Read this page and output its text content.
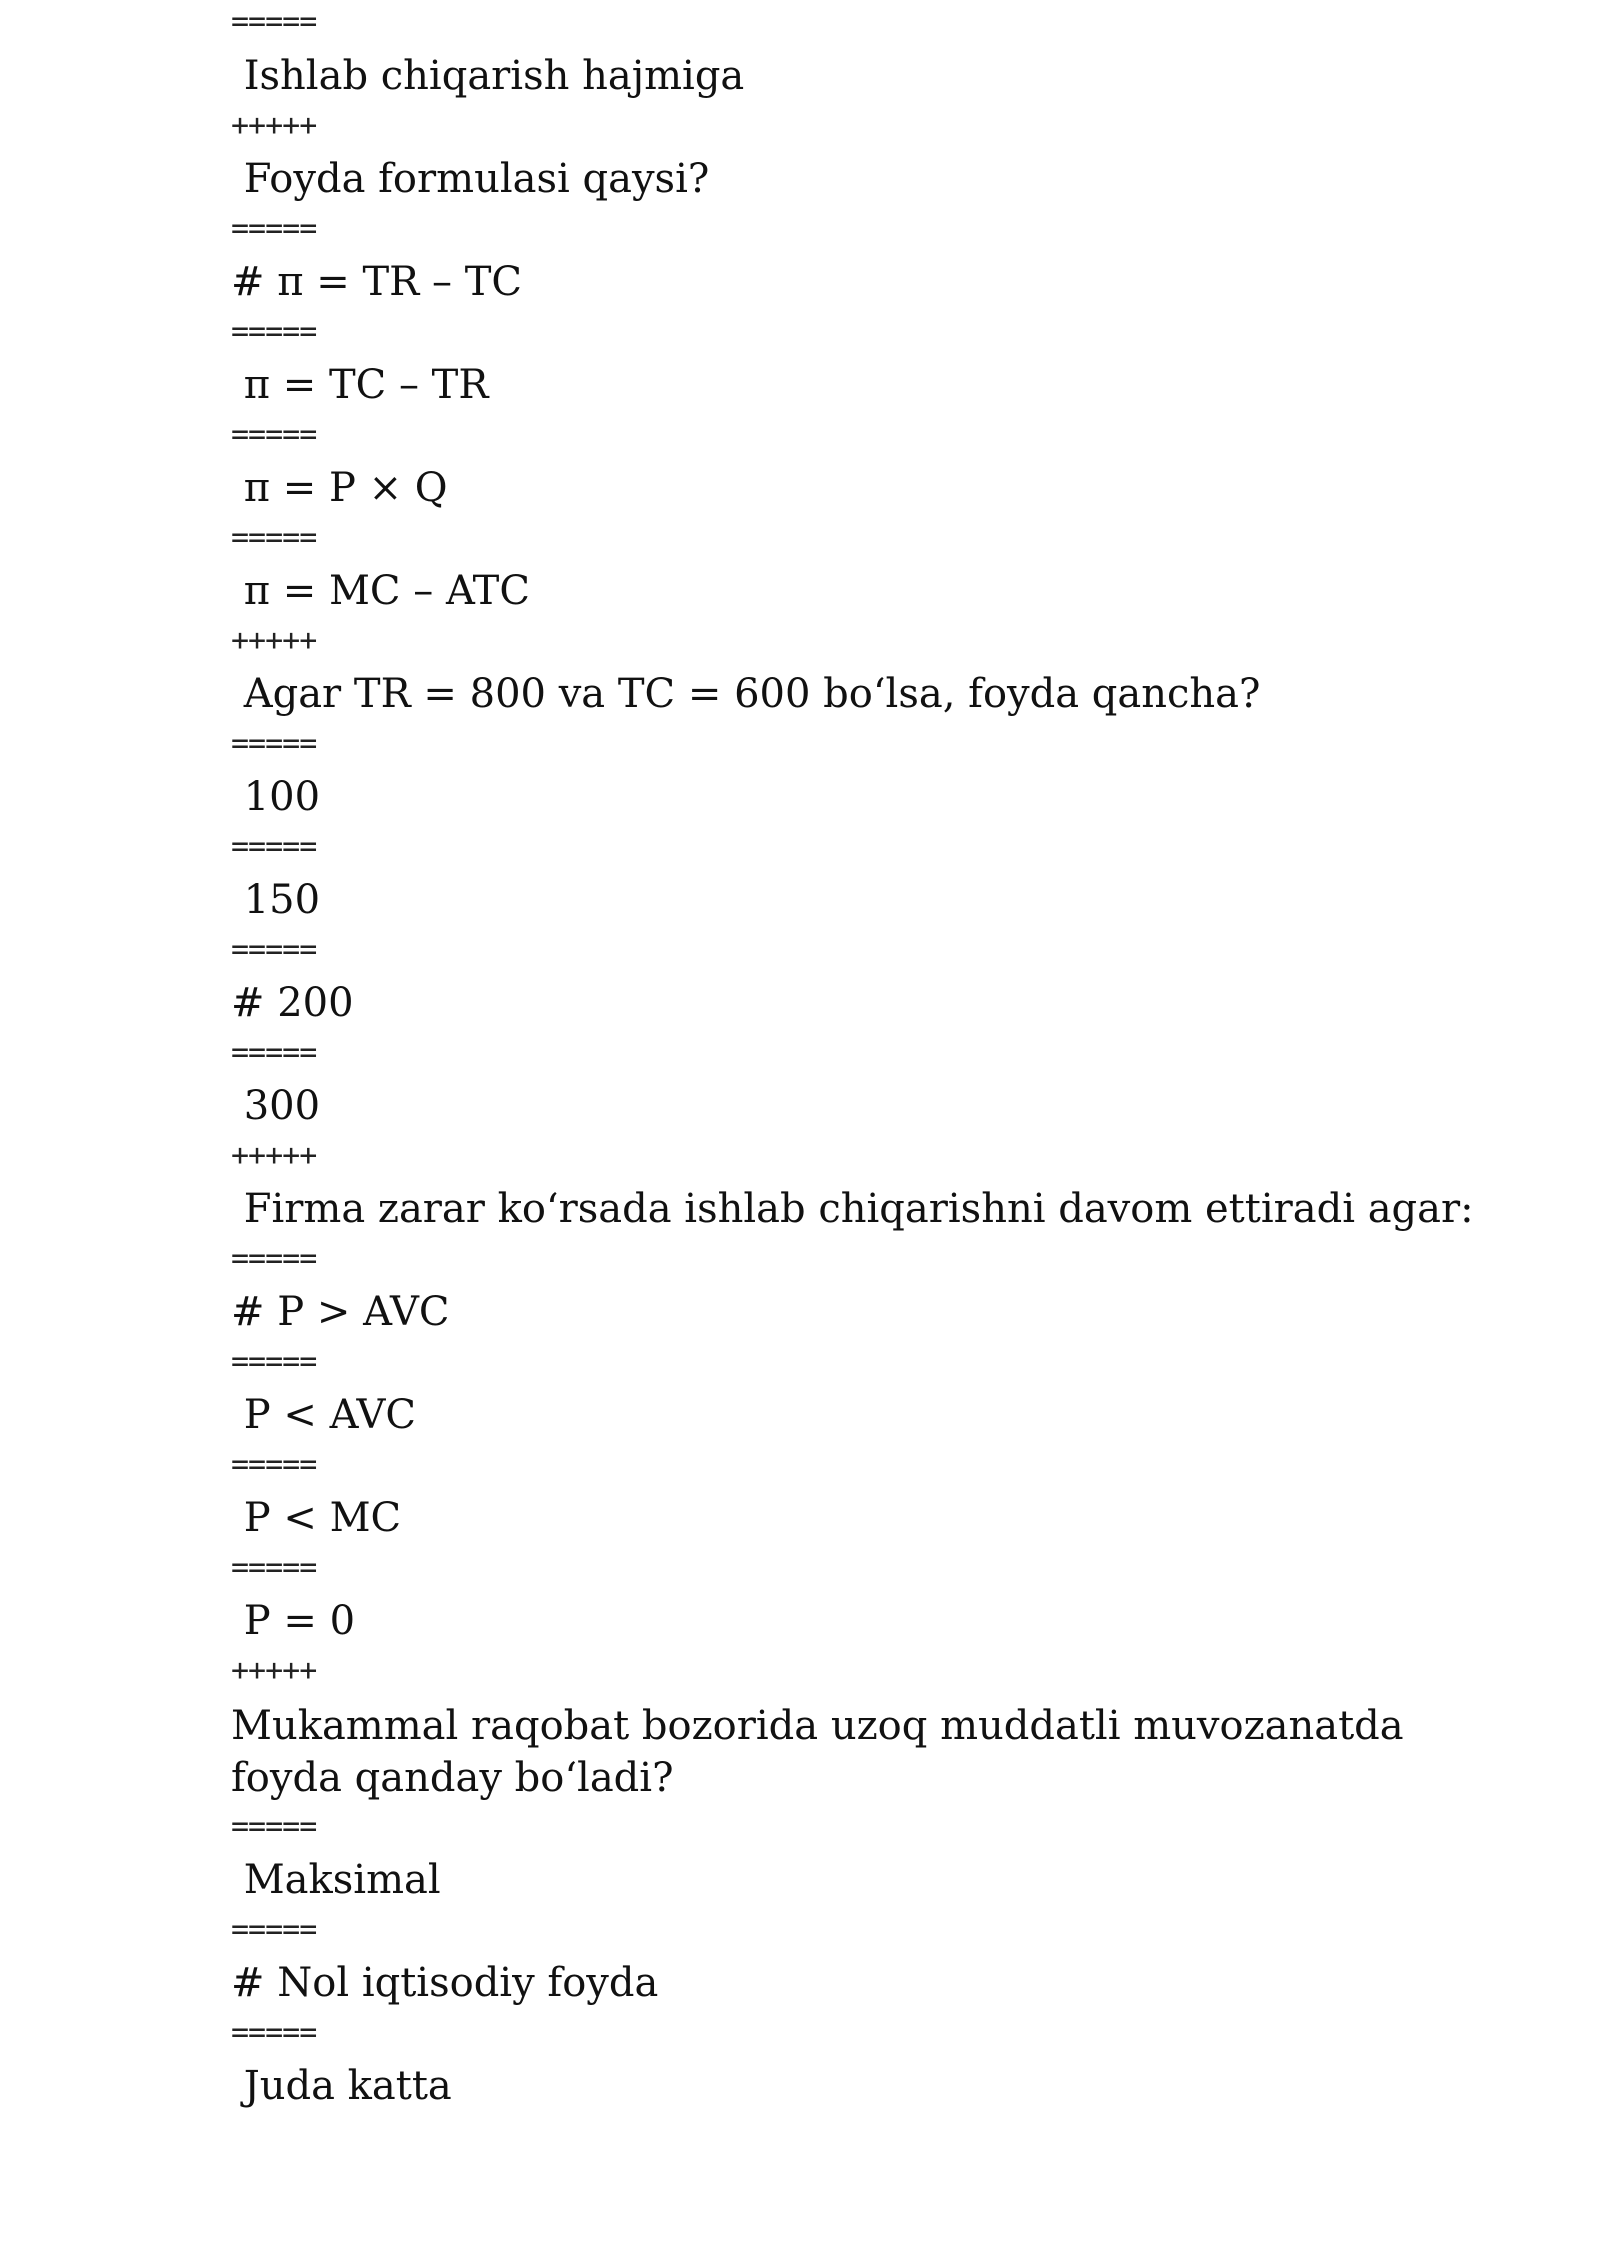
=====

Ishlab chiqarish hajmiga

+++++

Foyda formulasi qaysi?

=====

# π = TR – TC

=====

π = TC – TR

=====

π = P × Q

=====

π = MC – ATC

+++++

Agar TR = 800 va TC = 600 bo‘lsa, foyda qancha?

=====

100

=====

150

=====

# 200

=====

300

+++++

Firma zarar ko‘rsada ishlab chiqarishni davom ettiradi agar:

=====

# P > AVC

=====

P < AVC

=====

P < MC

=====

P = 0

+++++

Mukammal raqobat bozorida uzoq muddatli muvozanatda foyda qanday bo‘ladi?

=====

Maksimal

=====

# Nol iqtisodiy foyda

=====

Juda katta
